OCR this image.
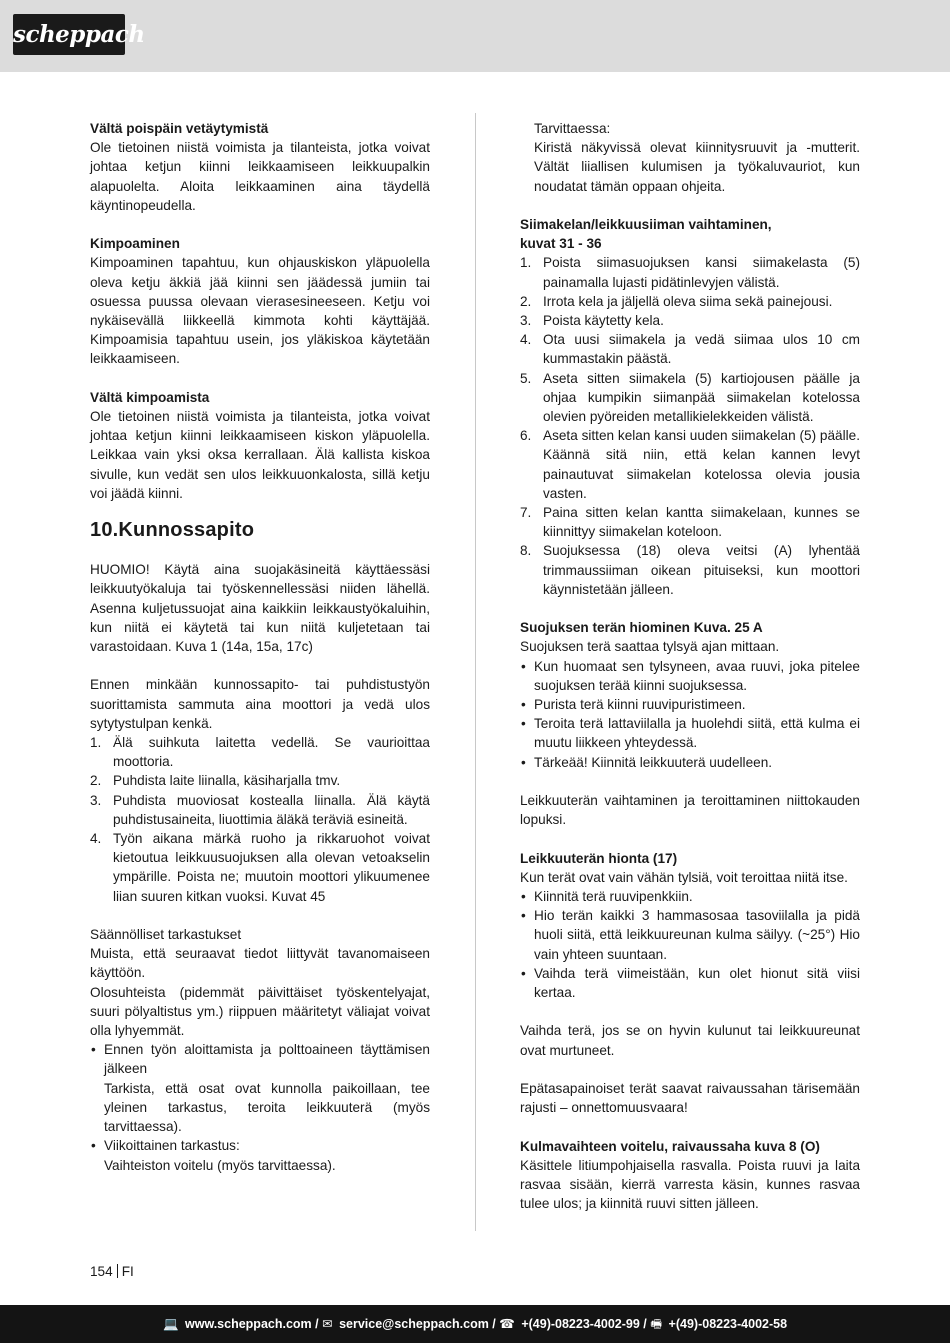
scheppach
Vältä poispäin vetäytymistä

Ole tietoinen niistä voimista ja tilanteista, jotka voivat johtaa ketjun kiinni leikkaamiseen leikkuupalkin alapuolelta. Aloita leikkaaminen aina täydellä käyntinopeudella.

Kimpoaminen

Kimpoaminen tapahtuu, kun ohjauskiskon yläpuolella oleva ketju äkkiä jää kiinni sen jäädessä jumiin tai osuessa puussa olevaan vierasesineeseen. Ketju voi nykäisevällä liikkeellä kimmota kohti käyttäjää. Kimpoamisia tapahtuu usein, jos yläkiskoa käytetään leikkaamiseen.

Vältä kimpoamista

Ole tietoinen niistä voimista ja tilanteista, jotka voivat johtaa ketjun kiinni leikkaamiseen kiskon yläpuolella. Leikkaa vain yksi oksa kerrallaan. Älä kallista kiskoa sivulle, kun vedät sen ulos leikkuuonkalosta, sillä ketju voi jäädä kiinni.

10.Kunnossapito

HUOMIO! Käytä aina suojakäsineitä käyttäessäsi leikkuutyökaluja tai työskennellessäsi niiden lähellä. Asenna kuljetussuojat aina kaikkiin leikkaustyökaluihin, kun niitä ei käytetä tai kun niitä kuljetetaan tai varastoidaan. Kuva 1 (14a, 15a, 17c)

Ennen minkään kunnossapito- tai puhdistustyön suorittamista sammuta aina moottori ja vedä ulos sytytystulpan kenkä.

1. Älä suihkuta laitetta vedellä. Se vaurioittaa moottoria.
2. Puhdista laite liinalla, käsiharjalla tmv.
3. Puhdista muoviosat kostealla liinalla. Älä käytä puhdistusaineita, liuottimia äläkä teräviä esineitä.
4. Työn aikana märkä ruoho ja rikkaruohot voivat kietoutua leikkuusuojuksen alla olevan vetoakselin ympärille. Poista ne; muutoin moottori ylikuumenee liian suuren kitkan vuoksi. Kuvat 45

Säännölliset tarkastukset

Muista, että seuraavat tiedot liittyvät tavanomaiseen käyttöön.

Olosuhteista (pidemmät päivittäiset työskentelyajat, suuri pölyaltistus ym.) riippuen määritetyt väliajat voivat olla lyhyemmät.

• Ennen työn aloittamista ja polttoaineen täyttämisen jälkeen
Tarkista, että osat ovat kunnolla paikoillaan, tee yleinen tarkastus, teroita leikkuuterä (myös tarvittaessa).
• Viikoittainen tarkastus:
Vaihteiston voitelu (myös tarvittaessa).
Tarvittaessa:
Kiristä näkyvissä olevat kiinnitysruuvit ja -mutterit. Vältät liiallisen kulumisen ja työkaluvauriot, kun noudatat tämän oppaan ohjeita.
Siimakelan/leikkuusiiman vaihtaminen,
kuvat 31 - 36
1. Poista siimasuojuksen kansi siimakelasta (5) painamalla lujasti pidätinlevyjen välistä.
2. Irrota kela ja jäljellä oleva siima sekä painejousi.
3. Poista käytetty kela.
4. Ota uusi siimakela ja vedä siimaa ulos 10 cm kummastakin päästä.
5. Aseta sitten siimakela (5) kartiojousen päälle ja ohjaa kumpikin siimanpää siimakelan kotelossa olevien pyöreiden metallikielekkeiden välistä.
6. Aseta sitten kelan kansi uuden siimakelan (5) päälle. Käännä sitä niin, että kelan kannen levyt painautuvat siimakelan kotelossa olevia jousia vasten.
7. Paina sitten kelan kantta siimakelaan, kunnes se kiinnittyy siimakelan koteloon.
8. Suojuksessa (18) oleva veitsi (A) lyhentää trimmaussiiman oikean pituiseksi, kun moottori käynnistetään jälleen.
Suojuksen terän hiominen Kuva. 25 A

Suojuksen terä saattaa tylsyä ajan mittaan.

• Kun huomaat sen tylsyneen, avaa ruuvi, joka pitelee suojuksen terää kiinni suojuksessa.
• Purista terä kiinni ruuvipuristimeen.
• Teroita terä lattaviilalla ja huolehdi siitä, että kulma ei muutu liikkeen yhteydessä.
• Tärkeää! Kiinnitä leikkuuterä uudelleen.

Leikkuuterän vaihtaminen ja teroittaminen niittokauden lopuksi.

Leikkuuterän hionta (17)

Kun terät ovat vain vähän tylsiä, voit teroittaa niitä itse.

• Kiinnitä terä ruuvipenkkiin.
• Hio terän kaikki 3 hammasosaa tasoviilalla ja pidä huoli siitä, että leikkuureunan kulma säilyy. (~25°) Hio vain yhteen suuntaan.
• Vaihda terä viimeistään, kun olet hionut sitä viisi kertaa.

Vaihda terä, jos se on hyvin kulunut tai leikkuureunat ovat murtuneet.

Epätasapainoiset terät saavat raivaussahan tärisemään rajusti – onnettomuusvaara!

Kulmavaihteen voitelu, raivaussaha kuva 8 (O)

Käsittele litiumpohjaisella rasvalla. Poista ruuvi ja laita rasvaa sisään, kierrä varresta käsin, kunnes rasvaa tulee ulos; ja kiinnitä ruuvi sitten jälleen.

154 FI
💻 www.scheppach.com / ✉ service@scheppach.com / ☎ +(49)-08223-4002-99 / 🖷 +(49)-08223-4002-58
